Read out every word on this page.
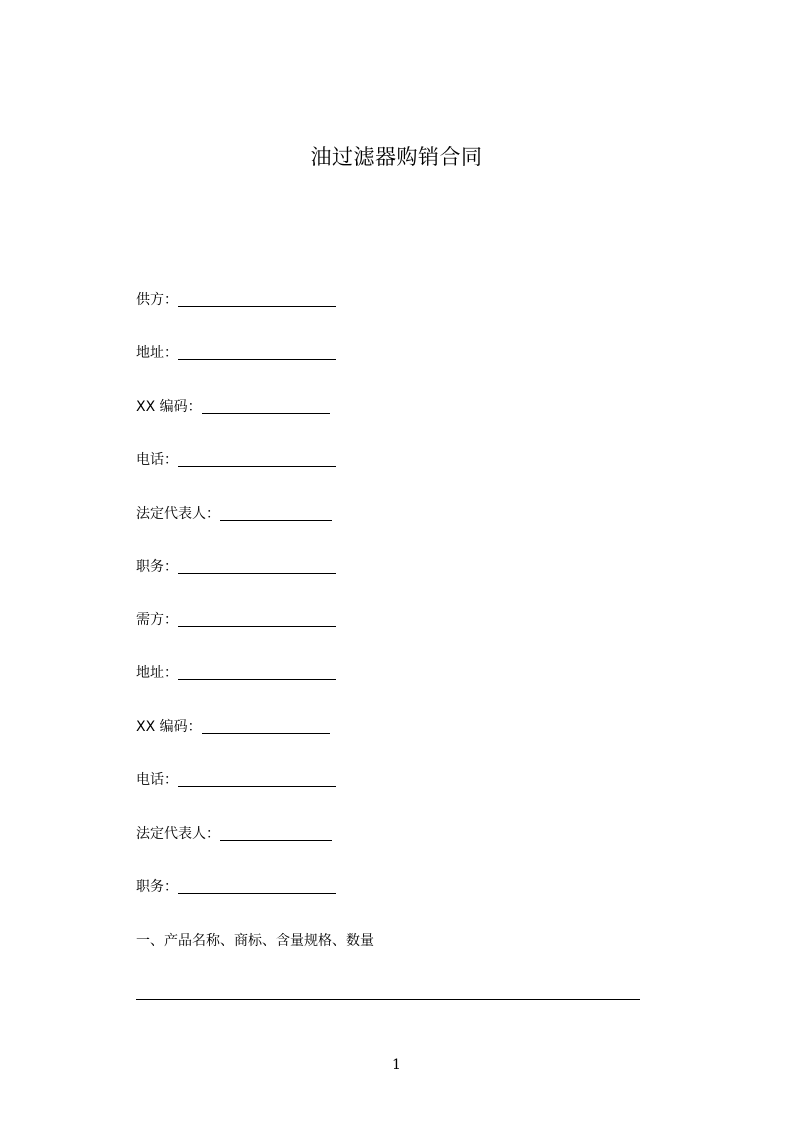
油过滤器购销合同
供方：
地址：
XX 编码：
电话：
法定代表人：
职务：
需方：
地址：
XX 编码：
电话：
法定代表人：
职务：
一、产品名称、商标、含量规格、数量
1
